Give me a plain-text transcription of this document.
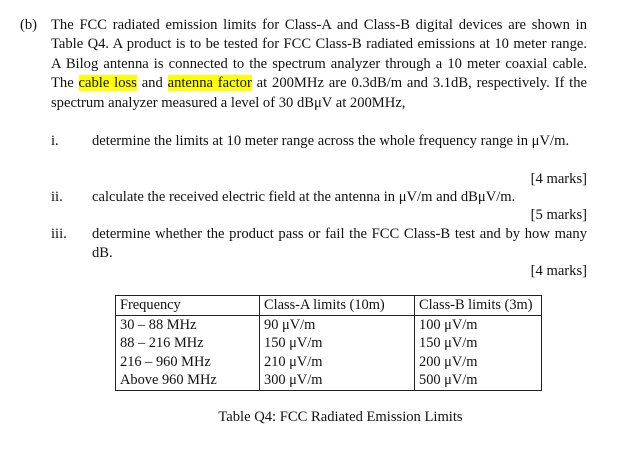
(b) The FCC radiated emission limits for Class-A and Class-B digital devices are shown in Table Q4. A product is to be tested for FCC Class-B radiated emissions at 10 meter range. A Bilog antenna is connected to the spectrum analyzer through a 10 meter coaxial cable. The cable loss and antenna factor at 200MHz are 0.3dB/m and 3.1dB, respectively. If the spectrum analyzer measured a level of 30 dBμV at 200MHz,

i. determine the limits at 10 meter range across the whole frequency range in μV/m.
[4 marks]
ii. calculate the received electric field at the antenna in μV/m and dBμV/m.
[5 marks]
iii. determine whether the product pass or fail the FCC Class-B test and by how many dB.
[4 marks]
Frequency	Class-A limits (10m)	Class-B limits (3m)
30 – 88 MHz	90 μV/m	100 μV/m
88 – 216 MHz	150 μV/m	150 μV/m
216 – 960 MHz	210 μV/m	200 μV/m
Above 960 MHz	300 μV/m	500 μV/m
Table Q4: FCC Radiated Emission Limits
